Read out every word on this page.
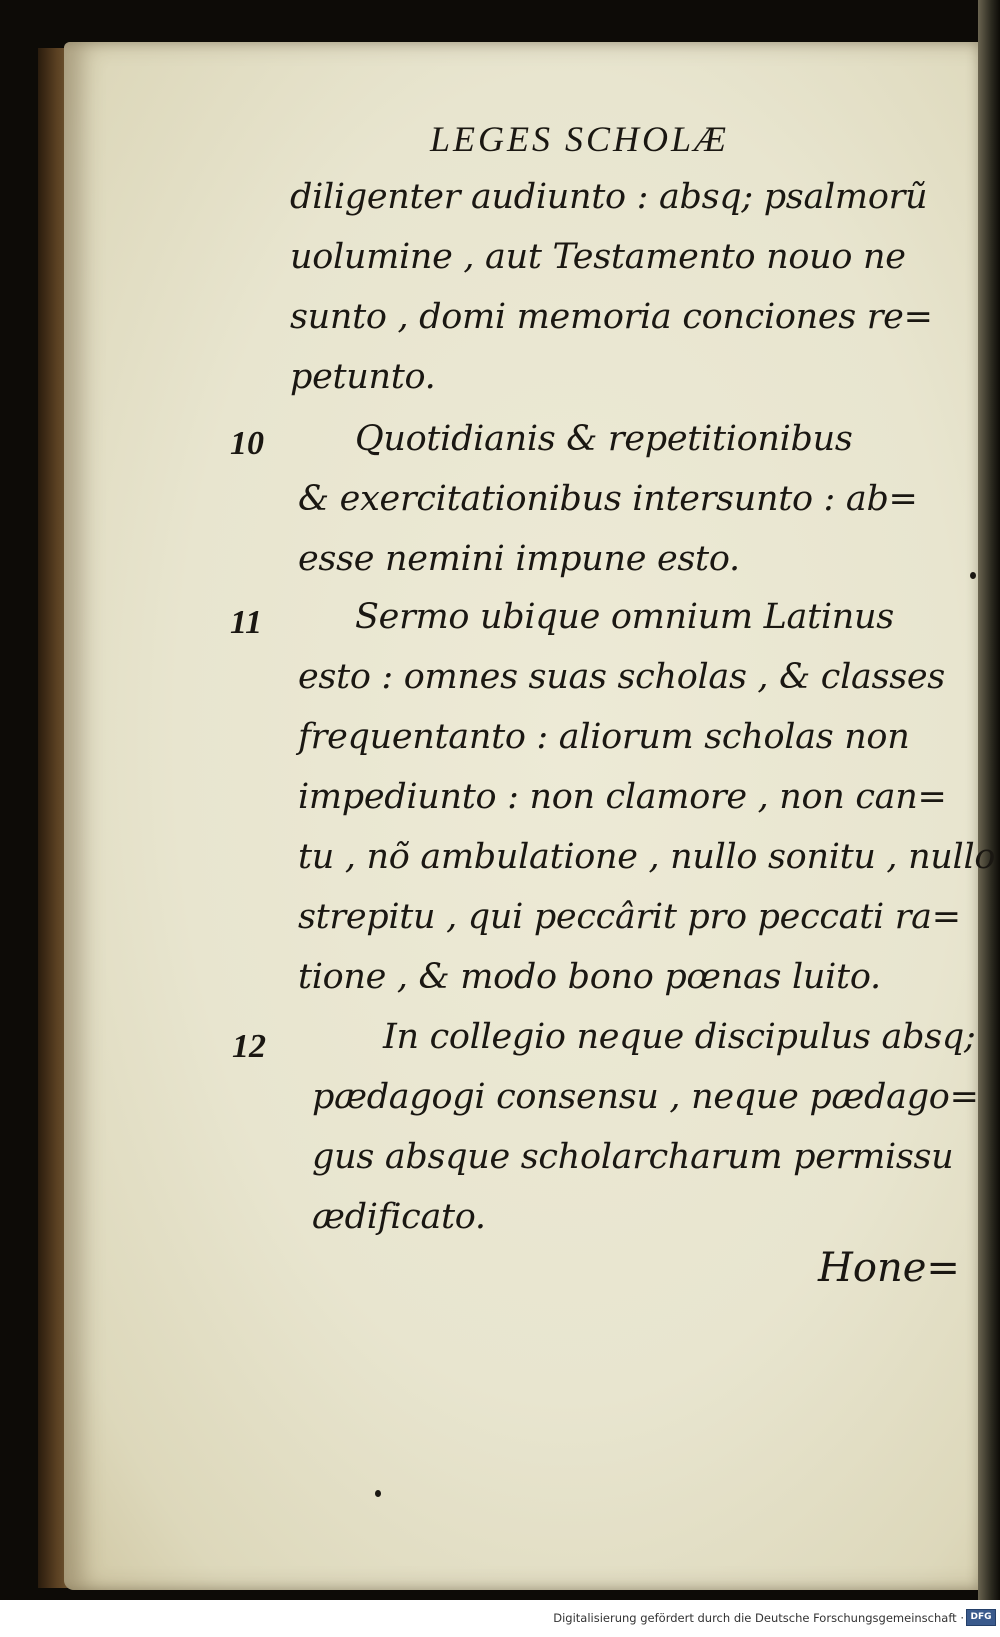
LEGES SCHOLÆ
diligenter audiunto : absq; psalmorũ
uolumine , aut Testamento nouo ne
sunto , domi memoria conciones re=
petunto.
10	Quotidianis & repetitionibus
& exercitationibus intersunto : ab=
esse nemini impune esto.
11	Sermo ubique omnium Latinus
esto : omnes suas scholas , & classes
frequentanto : aliorum scholas non
impediunto : non clamore , non can=
tu , nõ ambulatione , nullo sonitu , nullo
strepitu , qui peccârit pro peccati ra=
tione , & modo bono pœnas luito.
12	In collegio neque discipulus absq;
pædagogi consensu , neque pædago=
gus absque scholarcharum permissu
ædificato.
Hone=
Digitalisierung gefördert durch die Deutsche Forschungsgemeinschaft · DFG
